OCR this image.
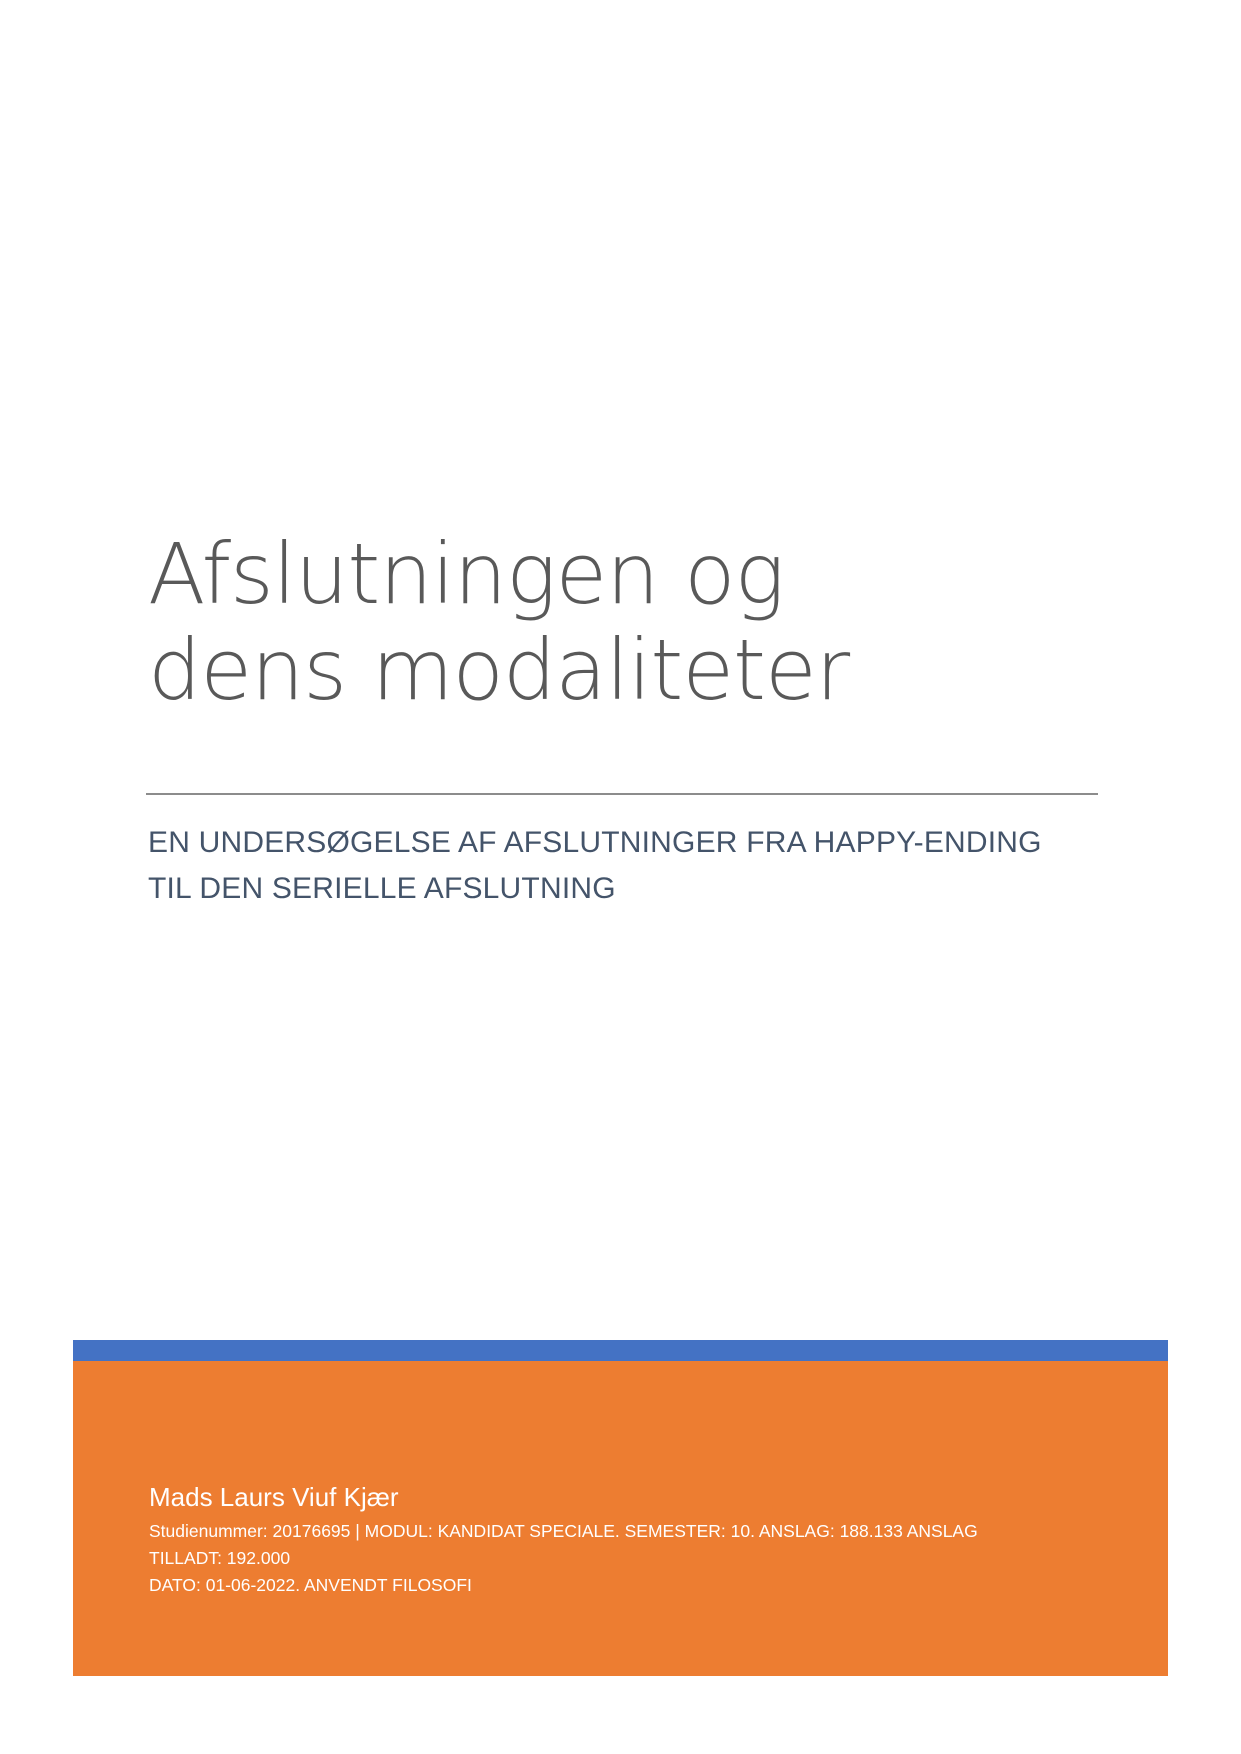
Afslutningen og
dens modaliteter
EN UNDERSØGELSE AF AFSLUTNINGER FRA HAPPY-ENDING
TIL DEN SERIELLE AFSLUTNING
Mads Laurs Viuf Kjær
Studienummer: 20176695 | MODUL: KANDIDAT SPECIALE. SEMESTER: 10. ANSLAG: 188.133 ANSLAG
TILLADT: 192.000
DATO: 01-06-2022. ANVENDT FILOSOFI
